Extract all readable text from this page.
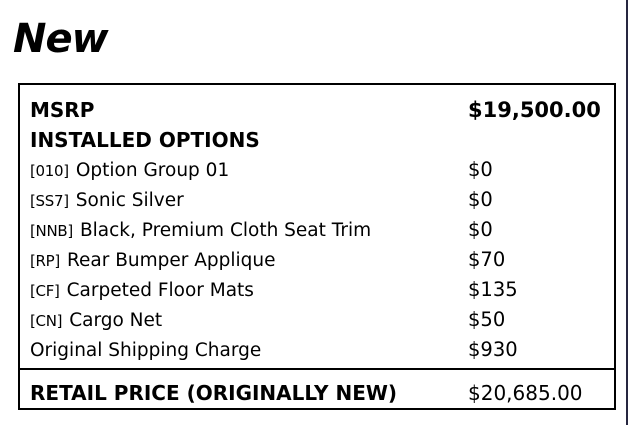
New
MSRP	$19,500.00
INSTALLED OPTIONS
[010] Option Group 01	$0
[SS7] Sonic Silver	$0
[NNB] Black, Premium Cloth Seat Trim	$0
[RP] Rear Bumper Applique	$70
[CF] Carpeted Floor Mats	$135
[CN] Cargo Net	$50
Original Shipping Charge	$930
RETAIL PRICE (ORIGINALLY NEW)	$20,685.00
